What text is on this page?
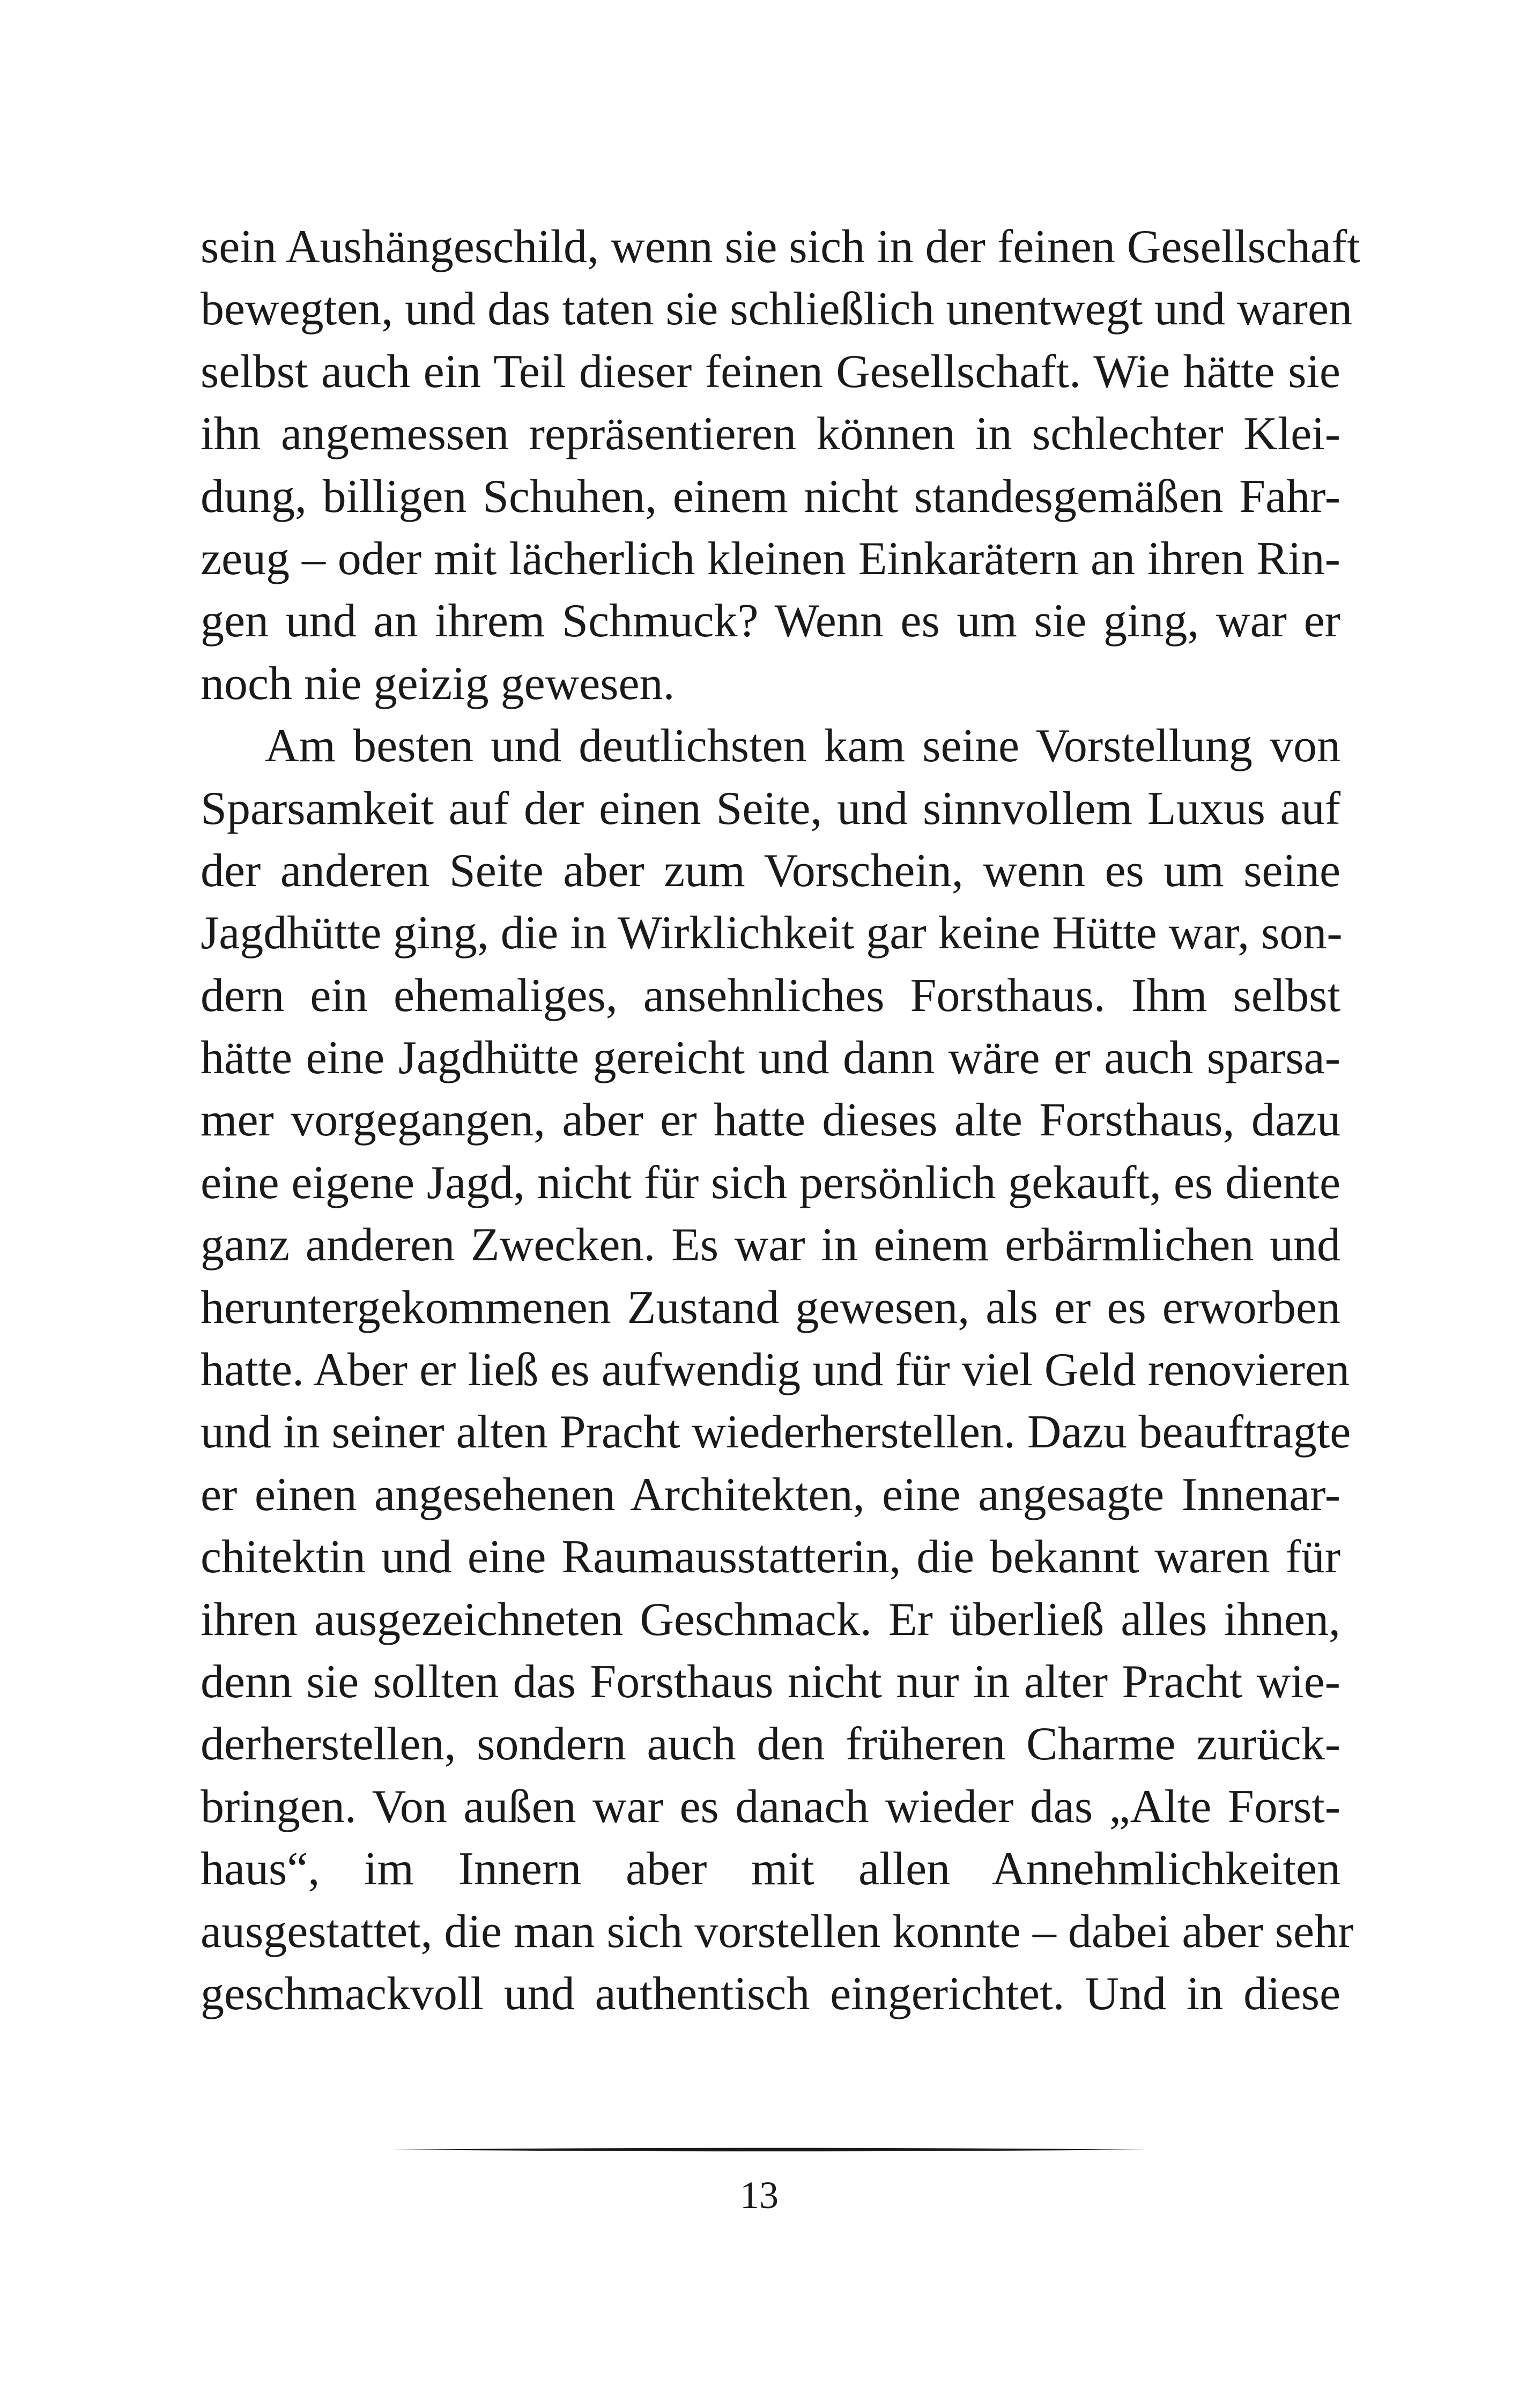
sein Aushängeschild, wenn sie sich in der feinen Gesellschaft
bewegten, und das taten sie schließlich unentwegt und waren
selbst auch ein Teil dieser feinen Gesellschaft. Wie hätte sie
ihn angemessen repräsentieren können in schlechter Klei-
dung, billigen Schuhen, einem nicht standesgemäßen Fahr-
zeug – oder mit lächerlich kleinen Einkarätern an ihren Rin-
gen und an ihrem Schmuck? Wenn es um sie ging, war er
noch nie geizig gewesen.
Am besten und deutlichsten kam seine Vorstellung von
Sparsamkeit auf der einen Seite, und sinnvollem Luxus auf
der anderen Seite aber zum Vorschein, wenn es um seine
Jagdhütte ging, die in Wirklichkeit gar keine Hütte war, son-
dern ein ehemaliges, ansehnliches Forsthaus. Ihm selbst
hätte eine Jagdhütte gereicht und dann wäre er auch sparsa-
mer vorgegangen, aber er hatte dieses alte Forsthaus, dazu
eine eigene Jagd, nicht für sich persönlich gekauft, es diente
ganz anderen Zwecken. Es war in einem erbärmlichen und
heruntergekommenen Zustand gewesen, als er es erworben
hatte. Aber er ließ es aufwendig und für viel Geld renovieren
und in seiner alten Pracht wiederherstellen. Dazu beauftragte
er einen angesehenen Architekten, eine angesagte Innenar-
chitektin und eine Raumausstatterin, die bekannt waren für
ihren ausgezeichneten Geschmack. Er überließ alles ihnen,
denn sie sollten das Forsthaus nicht nur in alter Pracht wie-
derherstellen, sondern auch den früheren Charme zurück-
bringen. Von außen war es danach wieder das „Alte Forst-
haus“, im Innern aber mit allen Annehmlichkeiten
ausgestattet, die man sich vorstellen konnte – dabei aber sehr
geschmackvoll und authentisch eingerichtet. Und in diese
13
